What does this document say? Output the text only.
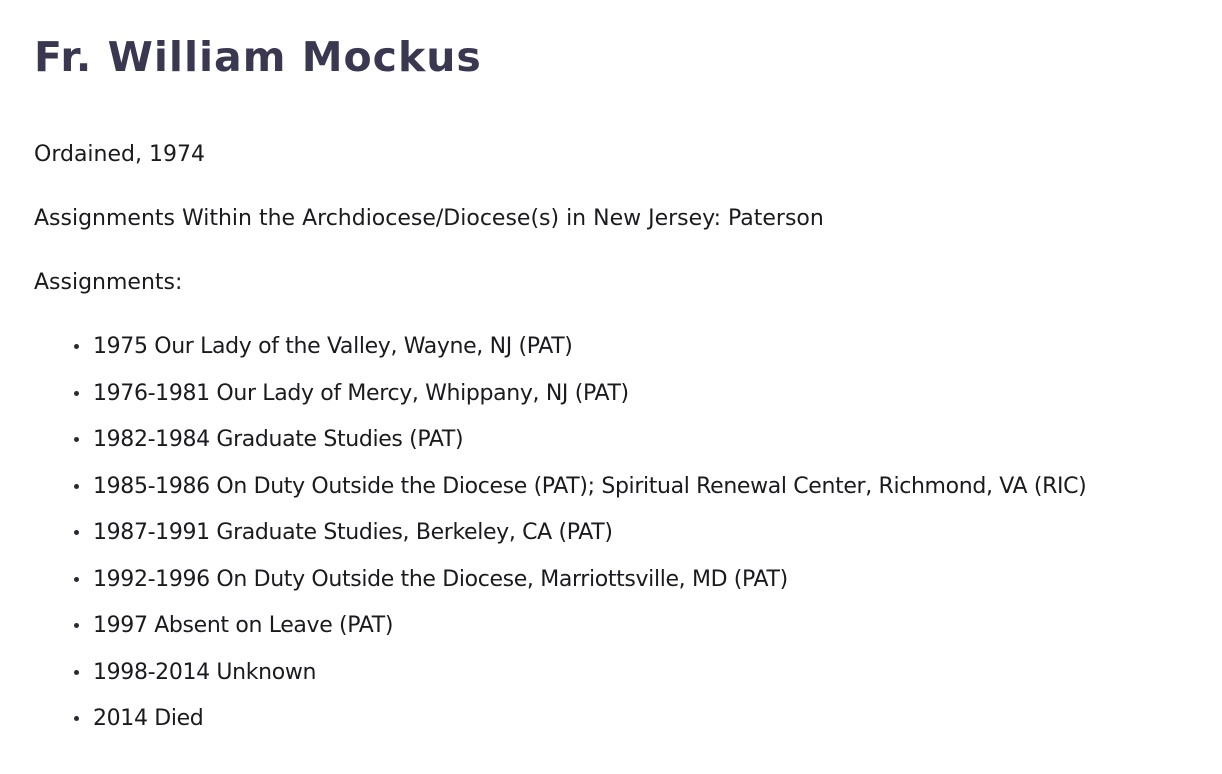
Fr. William Mockus

Ordained, 1974

Assignments Within the Archdiocese/Diocese(s) in New Jersey: Paterson

Assignments:

1975 Our Lady of the Valley, Wayne, NJ (PAT)
1976-1981 Our Lady of Mercy, Whippany, NJ (PAT)
1982-1984 Graduate Studies (PAT)
1985-1986 On Duty Outside the Diocese (PAT); Spiritual Renewal Center, Richmond, VA (RIC)
1987-1991 Graduate Studies, Berkeley, CA (PAT)
1992-1996 On Duty Outside the Diocese, Marriottsville, MD (PAT)
1997 Absent on Leave (PAT)
1998-2014 Unknown
2014 Died
